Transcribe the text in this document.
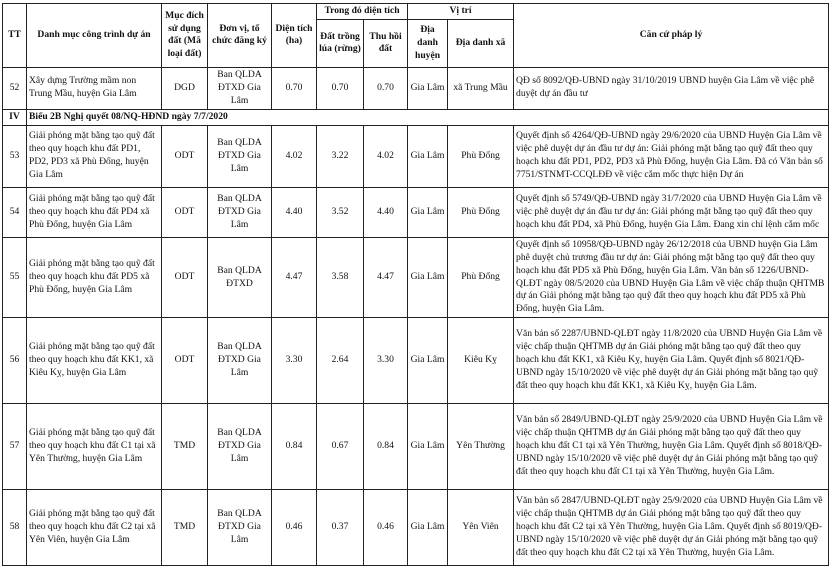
TT	Danh mục công trình dự án	Mục đích sử dụng đất (Mã loại đất)	Đơn vị, tổ chức đăng ký	Diện tích (ha)	Trong đó diện tích		Vị trí		Căn cứ pháp lý
					Đất trồng lúa (rừng)	Thu hồi đất	Địa danh huyện	Địa danh xã	
52	Xây dựng Trường mầm non Trung Mầu, huyện Gia Lâm	DGD	Ban QLDA ĐTXD Gia Lâm	0.70	0.70	0.70	Gia Lâm	xã Trung Mầu	QĐ số 8092/QĐ-UBND ngày 31/10/2019 UBND huyện Gia Lâm về việc phê duyệt dự án đầu tư
IV	Biểu 2B Nghị quyết 08/NQ-HĐND ngày 7/7/2020								
53	Giải phóng mặt bằng tạo quỹ đất theo quy hoạch khu đất PD1, PD2, PD3 xã Phù Đổng, huyện Gia Lâm	ODT	Ban QLDA ĐTXD Gia Lâm	4.02	3.22	4.02	Gia Lâm	Phù Đổng	Quyết định số 4264/QĐ-UBND ngày 29/6/2020 của UBND Huyện Gia Lâm về việc phê duyệt dự án đầu tư dự án: Giải phóng mặt bằng tạo quỹ đất theo quy hoạch khu đất PD1, PD2, PD3 xã Phù Đổng, huyện Gia Lâm. Đã có Văn bản số 7751/STNMT-CCQLĐĐ về việc cắm mốc thực hiện Dự án
54	Giải phóng mặt bằng tạo quỹ đất theo quy hoạch khu đất PD4 xã Phù Đổng, huyện Gia Lâm	ODT	Ban QLDA ĐTXD Gia Lâm	4.40	3.52	4.40	Gia Lâm	Phù Đổng	Quyết định số 5749/QĐ-UBND ngày 31/7/2020 của UBND Huyện Gia Lâm về việc phê duyệt dự án đầu tư dự án: Giải phóng mặt bằng tạo quỹ đất theo quy hoạch khu đất PD4, xã Phù Đổng, huyện Gia Lâm. Đang xin chỉ lệnh cắm mốc
55	Giải phóng mặt bằng tạo quỹ đất theo quy hoạch khu đất PD5 xã Phù Đổng, huyện Gia Lâm	ODT	Ban QLDA ĐTXD	4.47	3.58	4.47	Gia Lâm	Phù Đổng	Quyết định số 10958/QĐ-UBND ngày 26/12/2018 của UBND huyện Gia Lâm phê duyệt chủ trương đầu tư dự án: Giải phóng mặt bằng tạo quỹ đất theo quy hoạch khu đất PD5 xã Phù Đổng, huyện Gia Lâm. Văn bản số 1226/UBND-QLĐT ngày 08/5/2020 của UBND Huyện Gia Lâm về việc chấp thuận QHTMB dự án Giải phóng mặt bằng tạo quỹ đất theo quy hoạch khu đất PD5 xã Phù Đổng, huyện Gia Lâm.
56	Giải phóng mặt bằng tạo quỹ đất theo quy hoạch khu đất KK1, xã Kiêu Kỵ, huyện Gia Lâm	ODT	Ban QLDA ĐTXD Gia Lâm	3.30	2.64	3.30	Gia Lâm	Kiêu Kỵ	Văn bản số 2287/UBND-QLĐT ngày 11/8/2020 của UBND Huyện Gia Lâm về việc chấp thuận QHTMB dự án Giải phóng mặt bằng tạo quỹ đất theo quy hoạch khu đất KK1, xã Kiêu Kỵ, huyện Gia Lâm. Quyết định số 8021/QĐ-UBND ngày 15/10/2020 về việc phê duyệt dự án Giải phóng mặt bằng tạo quỹ đất theo quy hoạch khu đất KK1, xã Kiêu Kỵ, huyện Gia Lâm.
57	Giải phóng mặt bằng tạo quỹ đất theo quy hoạch khu đất C1 tại xã Yên Thường, huyện Gia Lâm	TMD	Ban QLDA ĐTXD Gia Lâm	0.84	0.67	0.84	Gia Lâm	Yên Thường	Văn bản số 2849/UBND-QLĐT ngày 25/9/2020 của UBND Huyện Gia Lâm về việc chấp thuận QHTMB dự án Giải phóng mặt bằng tạo quỹ đất theo quy hoạch khu đất C1 tại xã Yên Thường, huyện Gia Lâm. Quyết định số 8018/QĐ-UBND ngày 15/10/2020 về việc phê duyệt dự án Giải phóng mặt bằng tạo quỹ đất theo quy hoạch khu đất C1 tại xã Yên Thường, huyện Gia Lâm.
58	Giải phóng mặt bằng tạo quỹ đất theo quy hoạch khu đất C2 tại xã Yên Viên, huyện Gia Lâm	TMD	Ban QLDA ĐTXD Gia Lâm	0.46	0.37	0.46	Gia Lâm	Yên Viên	Văn bản số 2847/UBND-QLĐT ngày 25/9/2020 của UBND Huyện Gia Lâm về việc chấp thuận QHTMB dự án Giải phóng mặt bằng tạo quỹ đất theo quy hoạch khu đất C2 tại xã Yên Thường, huyện Gia Lâm. Quyết định số 8019/QĐ-UBND ngày 15/10/2020 về việc phê duyệt dự án Giải phóng mặt bằng tạo quỹ đất theo quy hoạch khu đất C2 tại xã Yên Thường, huyện Gia Lâm.
